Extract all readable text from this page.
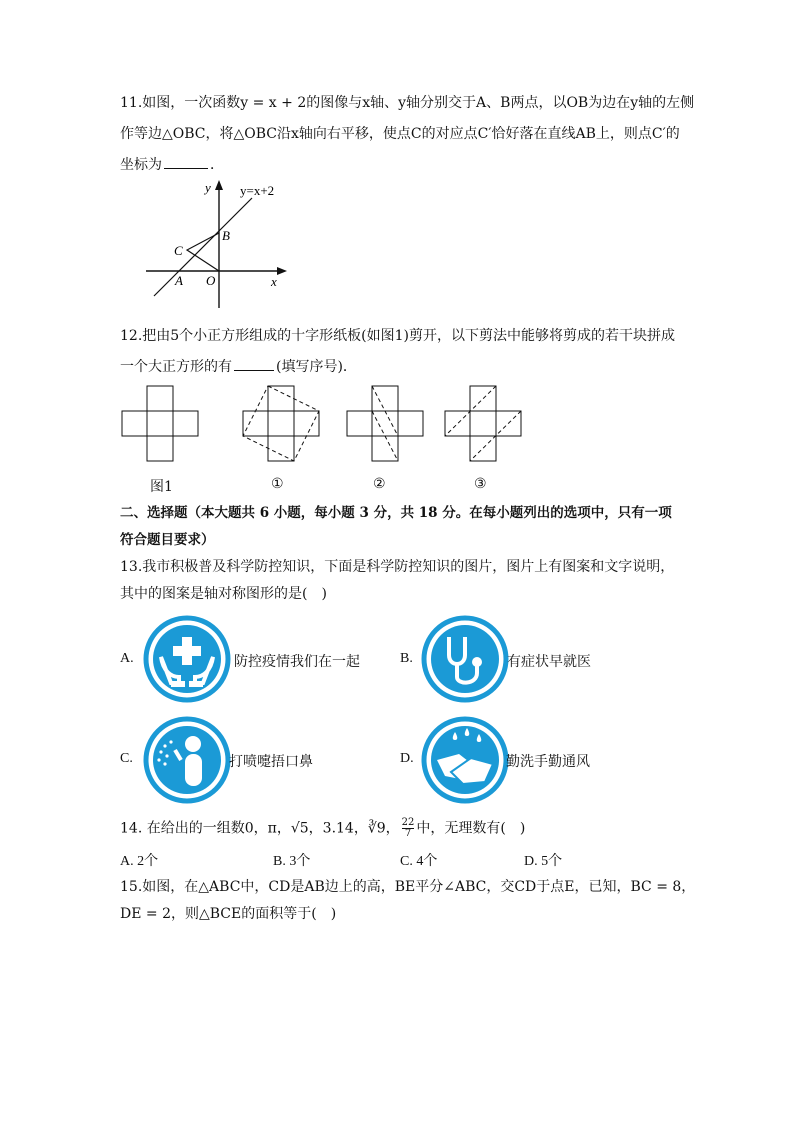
11.如图，一次函数y = x + 2的图像与x轴、y轴分别交于A、B两点，以OB为边在y轴的左侧
作等边△OBC，将△OBC沿x轴向右平移，使点C的对应点C′恰好落在直线AB上，则点C′的
坐标为	．
y y=x+2
B
C
A O	x
12.把由5个小正方形组成的十字形纸板(如图1)剪开，以下剪法中能够将剪成的若干块拼成
一个大正方形的有	(填写序号)．
图1	①	②	③
二、选择题（本大题共 6 小题，每小题 3 分，共 18 分。在每小题列出的选项中，只有一项
符合题目要求）
13.我市积极普及科学防控知识，下面是科学防控知识的图片，图片上有图案和文字说明，
其中的图案是轴对称图形的是(　)
A.	防控疫情我们在一起	B.	有症状早就医
C.	打喷嚏捂口鼻	D.	勤洗手勤通风
14. 在给出的一组数0，π，√5，3.14，∛9， $\frac{22}{7}$ 中，无理数有(　)
A. 2个	B. 3个	C. 4个	D. 5个
15.如图，在△ABC中，CD是AB边上的高，BE平分∠ABC，交CD于点E，已知，BC = 8，
DE = 2，则△BCE的面积等于(　)
